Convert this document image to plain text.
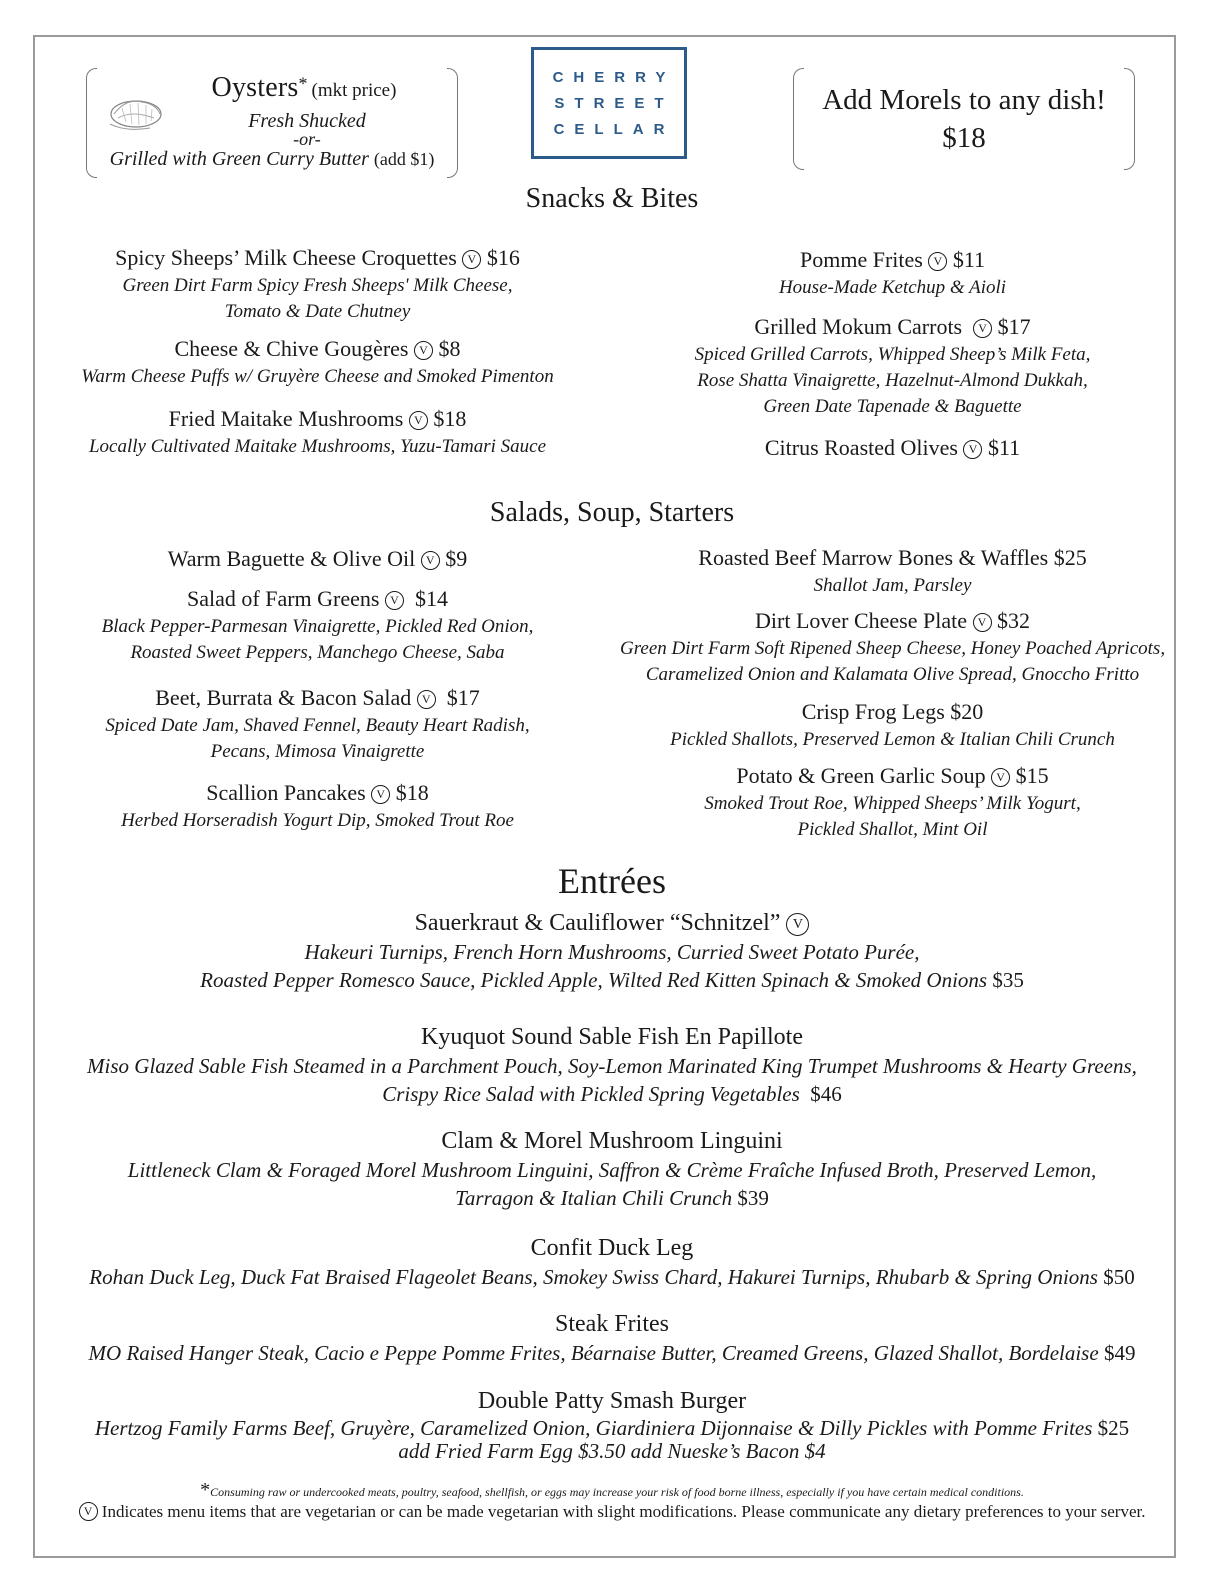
Oysters* (mkt price)
Fresh Shucked
-or-
Grilled with Green Curry Butter (add $1)
CHERRY
STREET
CELLAR
Add Morels to any dish!
$18
Snacks & Bites
Spicy Sheeps’ Milk Cheese Croquettes V $16
Green Dirt Farm Spicy Fresh Sheeps' Milk Cheese,
Tomato & Date Chutney
Cheese & Chive Gougères V $8
Warm Cheese Puffs w/ Gruyère Cheese and Smoked Pimenton
Fried Maitake Mushrooms V $18
Locally Cultivated Maitake Mushrooms, Yuzu-Tamari Sauce
Pomme Frites V $11
House-Made Ketchup & Aioli
Grilled Mokum Carrots V $17
Spiced Grilled Carrots, Whipped Sheep’s Milk Feta,
Rose Shatta Vinaigrette, Hazelnut-Almond Dukkah,
Green Date Tapenade & Baguette
Citrus Roasted Olives V $11
Salads, Soup, Starters
Warm Baguette & Olive Oil V $9
Salad of Farm Greens V $14
Black Pepper-Parmesan Vinaigrette, Pickled Red Onion,
Roasted Sweet Peppers, Manchego Cheese, Saba
Beet, Burrata & Bacon Salad V $17
Spiced Date Jam, Shaved Fennel, Beauty Heart Radish,
Pecans, Mimosa Vinaigrette
Scallion Pancakes V $18
Herbed Horseradish Yogurt Dip, Smoked Trout Roe
Roasted Beef Marrow Bones & Waffles $25
Shallot Jam, Parsley
Dirt Lover Cheese Plate V $32
Green Dirt Farm Soft Ripened Sheep Cheese, Honey Poached Apricots,
Caramelized Onion and Kalamata Olive Spread, Gnoccho Fritto
Crisp Frog Legs $20
Pickled Shallots, Preserved Lemon & Italian Chili Crunch
Potato & Green Garlic Soup V $15
Smoked Trout Roe, Whipped Sheeps’ Milk Yogurt,
Pickled Shallot, Mint Oil
Entrées
Sauerkraut & Cauliflower “Schnitzel” V
Hakeuri Turnips, French Horn Mushrooms, Curried Sweet Potato Purée,
Roasted Pepper Romesco Sauce, Pickled Apple, Wilted Red Kitten Spinach & Smoked Onions $35
Kyuquot Sound Sable Fish En Papillote
Miso Glazed Sable Fish Steamed in a Parchment Pouch, Soy-Lemon Marinated King Trumpet Mushrooms & Hearty Greens,
Crispy Rice Salad with Pickled Spring Vegetables $46
Clam & Morel Mushroom Linguini
Littleneck Clam & Foraged Morel Mushroom Linguini, Saffron & Crème Fraîche Infused Broth, Preserved Lemon,
Tarragon & Italian Chili Crunch $39
Confit Duck Leg
Rohan Duck Leg, Duck Fat Braised Flageolet Beans, Smokey Swiss Chard, Hakurei Turnips, Rhubarb & Spring Onions $50
Steak Frites
MO Raised Hanger Steak, Cacio e Peppe Pomme Frites, Béarnaise Butter, Creamed Greens, Glazed Shallot, Bordelaise $49
Double Patty Smash Burger
Hertzog Family Farms Beef, Gruyère, Caramelized Onion, Giardiniera Dijonnaise & Dilly Pickles with Pomme Frites $25
add Fried Farm Egg $3.50 add Nueske’s Bacon $4
*Consuming raw or undercooked meats, poultry, seafood, shellfish, or eggs may increase your risk of food borne illness, especially if you have certain medical conditions.
V Indicates menu items that are vegetarian or can be made vegetarian with slight modifications. Please communicate any dietary preferences to your server.
